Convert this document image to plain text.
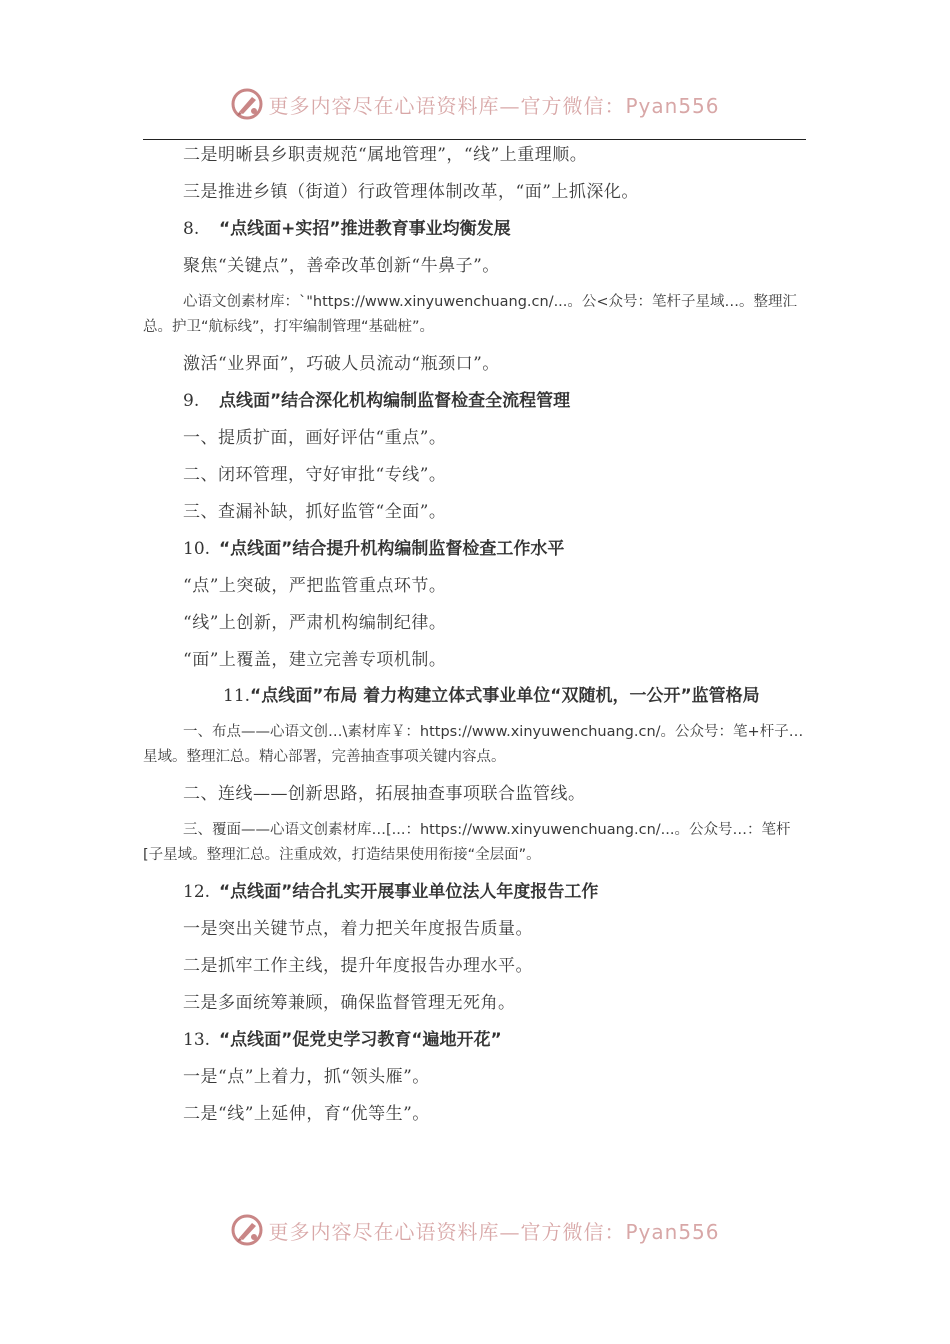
更多内容尽在心语资料库—官方微信：Pyan556

二是明晰县乡职责规范“属地管理”，“线”上重理顺。

三是推进乡镇（街道）行政管理体制改革，“面”上抓深化。

8. “点线面+实招”推进教育事业均衡发展

聚焦“关键点”，善牵改革创新“牛鼻子”。

心语文创素材库：`"https://www.xinyuwenchuang.cn/...。公<众号：笔杆子星域…。整理汇总。护卫“航标线”，打牢编制管理“基础桩”。

激活“业界面”，巧破人员流动“瓶颈口”。

9. 点线面”结合深化机构编制监督检查全流程管理

一、提质扩面，画好评估“重点”。

二、闭环管理，守好审批“专线”。

三、查漏补缺，抓好监管“全面”。

10. “点线面”结合提升机构编制监督检查工作水平

“点”上突破，严把监管重点环节。

“线”上创新，严肃机构编制纪律。

“面”上覆盖，建立完善专项机制。

11.“点线面”布局 着力构建立体式事业单位“双随机，一公开”监管格局

一、布点——心语文创…\素材库￥：https://www.xinyuwenchuang.cn/。公众号：笔+杆子…星域。整理汇总。精心部署，完善抽查事项关键内容点。

二、连线——创新思路，拓展抽查事项联合监管线。

三、覆面——心语文创素材库…[...：https://www.xinyuwenchuang.cn/...。公众号…：笔杆[子星域。整理汇总。注重成效，打造结果使用衔接“全层面”。

12. “点线面”结合扎实开展事业单位法人年度报告工作

一是突出关键节点，着力把关年度报告质量。

二是抓牢工作主线，提升年度报告办理水平。

三是多面统筹兼顾，确保监督管理无死角。

13. “点线面”促党史学习教育“遍地开花”

一是“点”上着力，抓“领头雁”。

二是“线”上延伸，育“优等生”。

更多内容尽在心语资料库—官方微信：Pyan556
